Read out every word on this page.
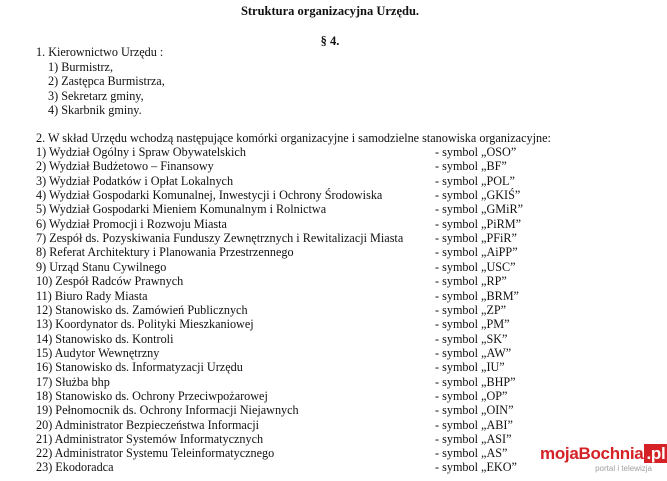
Struktura organizacyjna Urzędu.
§ 4.
1. Kierownictwo Urzędu :
1) Burmistrz,
2) Zastępca Burmistrza,
3) Sekretarz gminy,
4) Skarbnik gminy.
2. W skład Urzędu wchodzą następujące komórki organizacyjne i samodzielne stanowiska organizacyjne:
1) Wydział Ogólny i Spraw Obywatelskich	- symbol „OSO”
2) Wydział Budżetowo – Finansowy	- symbol „BF”
3) Wydział Podatków i Opłat Lokalnych	- symbol „POL”
4) Wydział Gospodarki Komunalnej, Inwestycji i Ochrony Środowiska	- symbol „GKIŚ”
5) Wydział Gospodarki Mieniem Komunalnym i Rolnictwa	- symbol „GMiR”
6) Wydział Promocji i Rozwoju Miasta	- symbol „PiRM”
7) Zespół ds. Pozyskiwania Funduszy Zewnętrznych i Rewitalizacji Miasta	- symbol „PFiR”
8) Referat Architektury i Planowania Przestrzennego	- symbol „AiPP”
9) Urząd Stanu Cywilnego	- symbol „USC”
10) Zespół Radców Prawnych	- symbol „RP”
11) Biuro Rady Miasta	- symbol „BRM”
12) Stanowisko ds. Zamówień Publicznych	- symbol „ZP”
13) Koordynator ds. Polityki Mieszkaniowej	- symbol „PM”
14) Stanowisko ds. Kontroli	- symbol „SK”
15) Audytor Wewnętrzny	- symbol „AW”
16) Stanowisko ds. Informatyzacji Urzędu	- symbol „IU”
17) Służba bhp	- symbol „BHP”
18) Stanowisko ds. Ochrony Przeciwpożarowej	- symbol „OP”
19) Pełnomocnik ds. Ochrony Informacji Niejawnych	- symbol „OIN”
20) Administrator Bezpieczeństwa Informacji	- symbol „ABI”
21) Administrator Systemów Informatycznych	- symbol „ASI”
22) Administrator Systemu Teleinformatycznego	- symbol „AS”
23) Ekodoradca	- symbol „EKO”
mojaBochnia .pl
portal i telewizja
